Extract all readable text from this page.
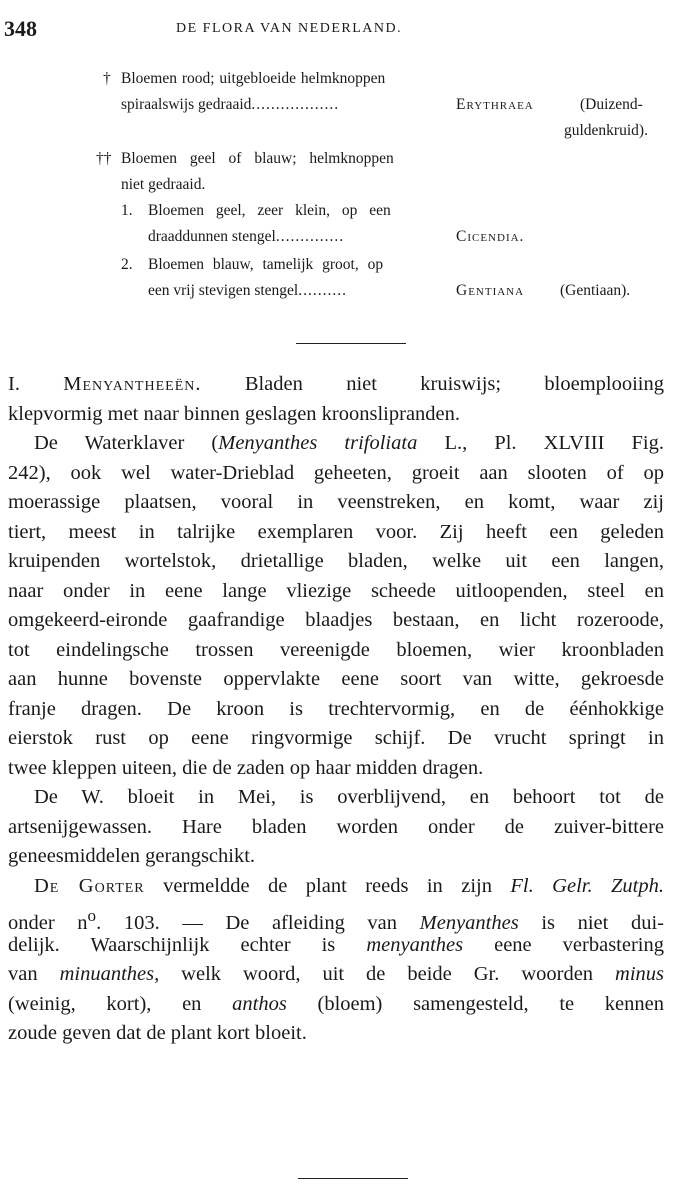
348	DE FLORA VAN NEDERLAND.
† Bloemen rood; uitgebloeide helmknoppen
spiraalswijs gedraaid..................	Erythraea	(Duizend-
guldenkruid).
†† Bloemen geel of blauw; helmknoppen
niet gedraaid.
1. Bloemen geel, zeer klein, op een
draaddunnen stengel..............	Cicendia.
2. Bloemen blauw, tamelijk groot, op
een vrij stevigen stengel..........	Gentiana (Gentiaan).
I. Menyantheeën. Bladen niet kruiswijs; bloemplooiing
klepvormig met naar binnen geslagen kroonslipranden.
De Waterklaver (Menyanthes trifoliata L., Pl. XLVIII Fig.
242), ook wel water-Drieblad geheeten, groeit aan slooten of op
moerassige plaatsen, vooral in veenstreken, en komt, waar zij
tiert, meest in talrijke exemplaren voor. Zij heeft een geleden
kruipenden wortelstok, drietallige bladen, welke uit een langen,
naar onder in eene lange vliezige scheede uitloopenden, steel en
omgekeerd-eironde gaafrandige blaadjes bestaan, en licht rozeroode,
tot eindelingsche trossen vereenigde bloemen, wier kroonbladen
aan hunne bovenste oppervlakte eene soort van witte, gekroesde
franje dragen. De kroon is trechtervormig, en de éénhokkige
eierstok rust op eene ringvormige schijf. De vrucht springt in
twee kleppen uiteen, die de zaden op haar midden dragen.
De W. bloeit in Mei, is overblijvend, en behoort tot de
artsenijgewassen. Hare bladen worden onder de zuiver-bittere
geneesmiddelen gerangschikt.
De Gorter vermeldde de plant reeds in zijn Fl. Gelr. Zutph.
onder $n^o$. 103. — De afleiding van Menyanthes is niet dui-
delijk. Waarschijnlijk echter is menyanthes eene verbastering
van minuanthes, welk woord, uit de beide Gr. woorden minus
(weinig, kort), en anthos (bloem) samengesteld, te kennen
zoude geven dat de plant kort bloeit.
